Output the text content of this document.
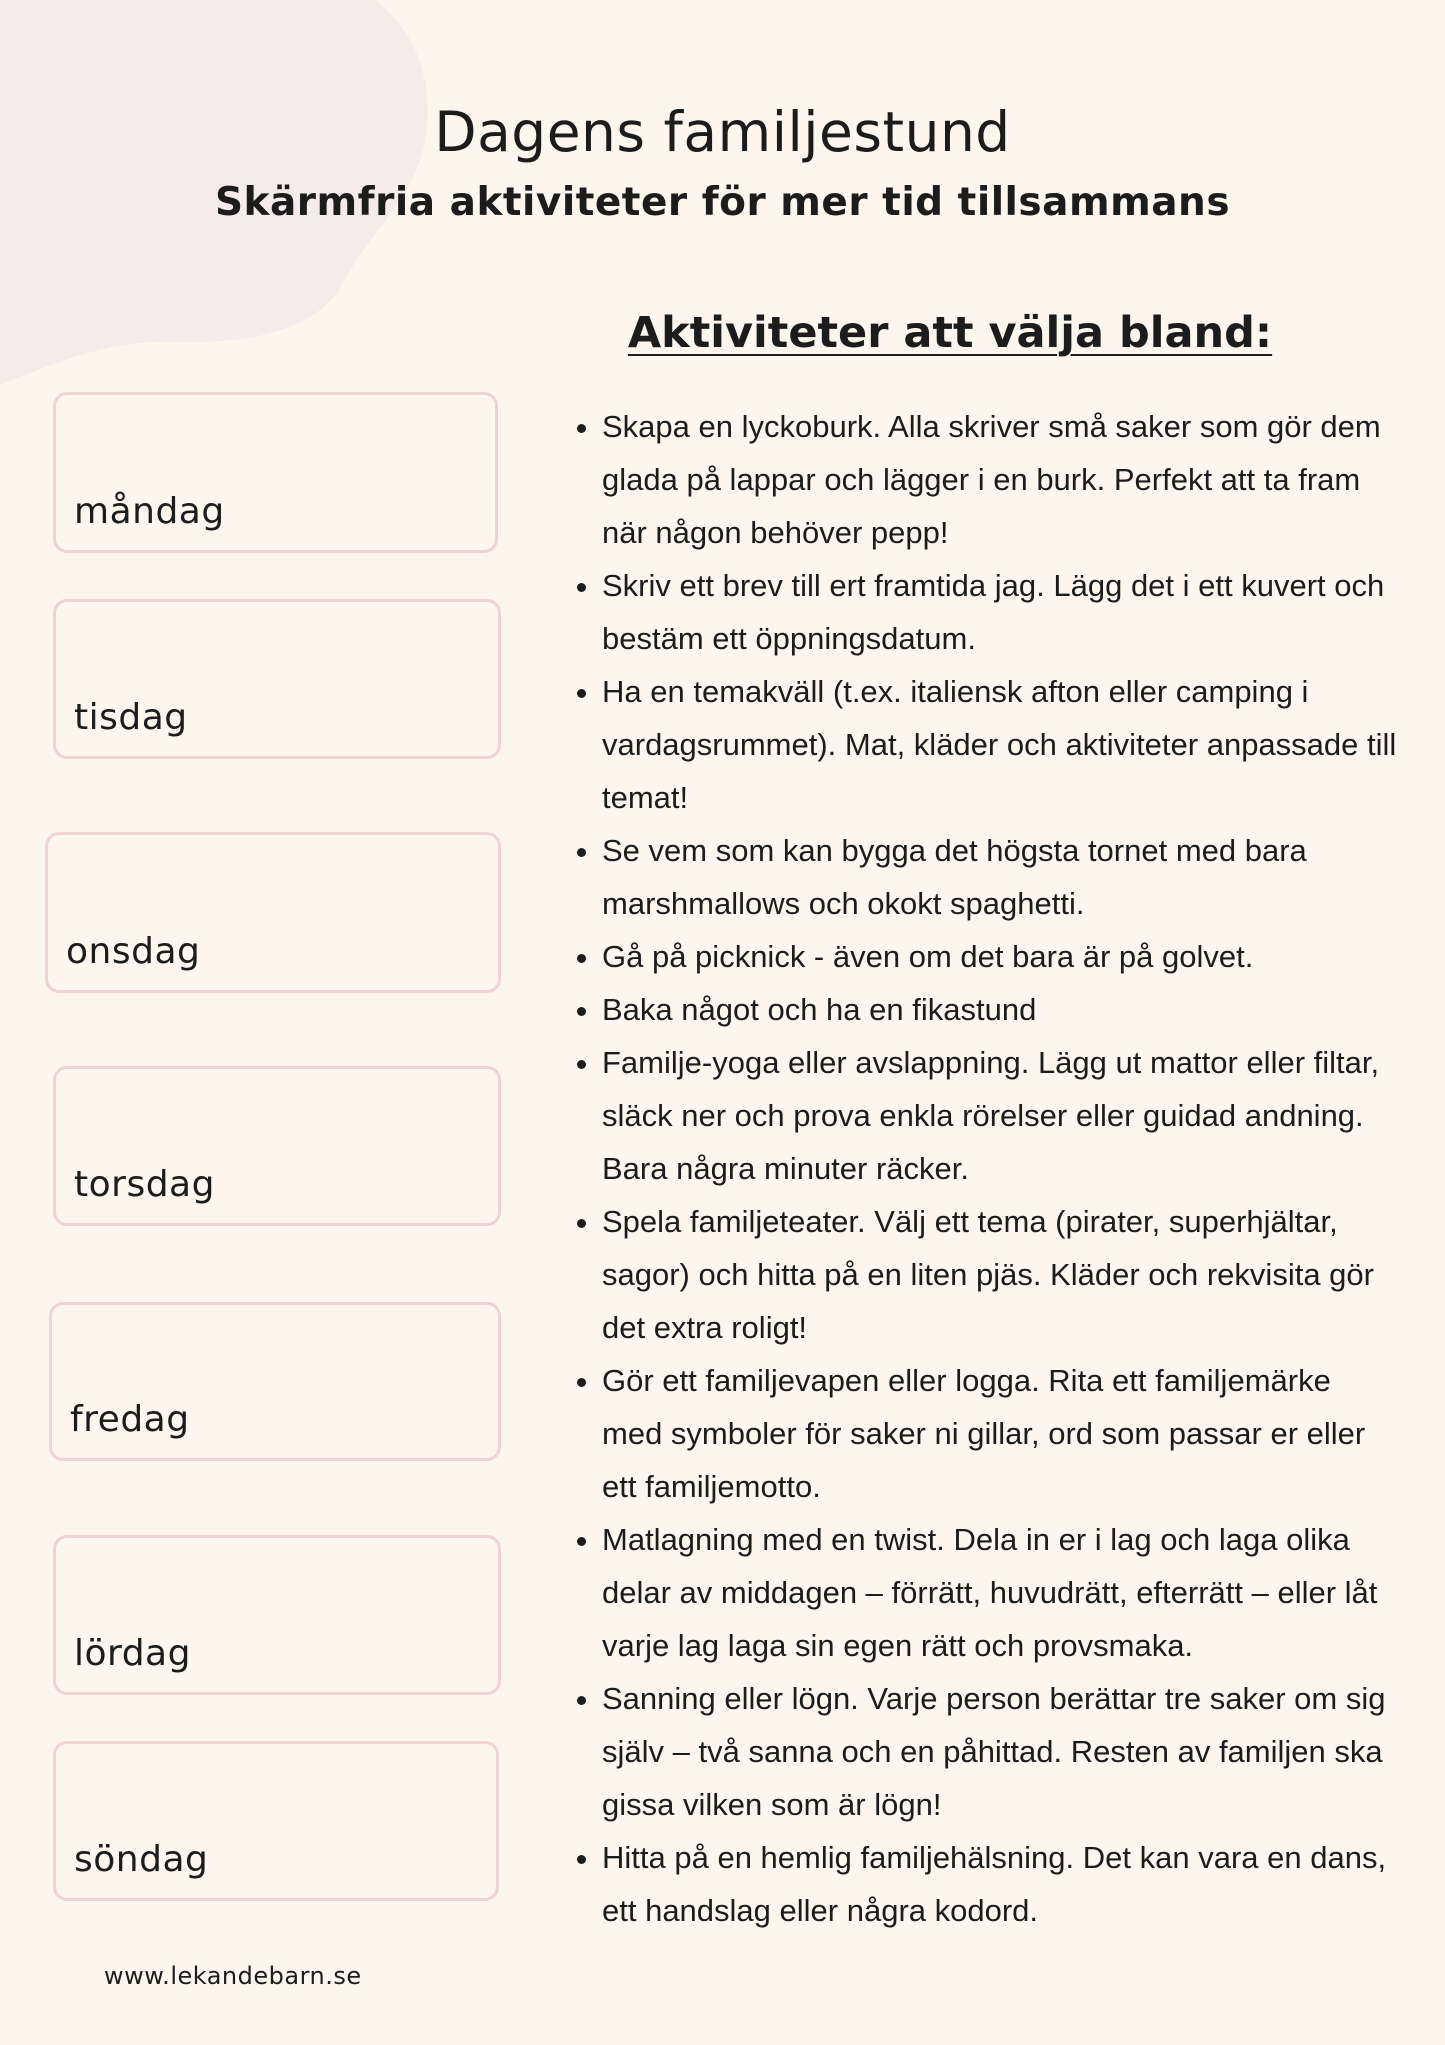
Dagens familjestund
Skärmfria aktiviteter för mer tid tillsammans
måndag
tisdag
onsdag
torsdag
fredag
lördag
söndag
Aktiviteter att välja bland:
• Skapa en lyckoburk. Alla skriver små saker som gör dem glada på lappar och lägger i en burk. Perfekt att ta fram när någon behöver pepp!
• Skriv ett brev till ert framtida jag. Lägg det i ett kuvert och bestäm ett öppningsdatum.
• Ha en temakväll (t.ex. italiensk afton eller camping i vardagsrummet). Mat, kläder och aktiviteter anpassade till temat!
• Se vem som kan bygga det högsta tornet med bara marshmallows och okokt spaghetti.
• Gå på picknick - även om det bara är på golvet.
• Baka något och ha en fikastund
• Familje-yoga eller avslappning. Lägg ut mattor eller filtar, släck ner och prova enkla rörelser eller guidad andning. Bara några minuter räcker.
• Spela familjeteater. Välj ett tema (pirater, superhjältar, sagor) och hitta på en liten pjäs. Kläder och rekvisita gör det extra roligt!
• Gör ett familjevapen eller logga. Rita ett familjemärke med symboler för saker ni gillar, ord som passar er eller ett familjemotto.
• Matlagning med en twist. Dela in er i lag och laga olika delar av middagen – förrätt, huvudrätt, efterrätt – eller låt varje lag laga sin egen rätt och provsmaka.
• Sanning eller lögn. Varje person berättar tre saker om sig själv – två sanna och en påhittad. Resten av familjen ska gissa vilken som är lögn!
• Hitta på en hemlig familjehälsning. Det kan vara en dans, ett handslag eller några kodord.
www.lekandebarn.se
